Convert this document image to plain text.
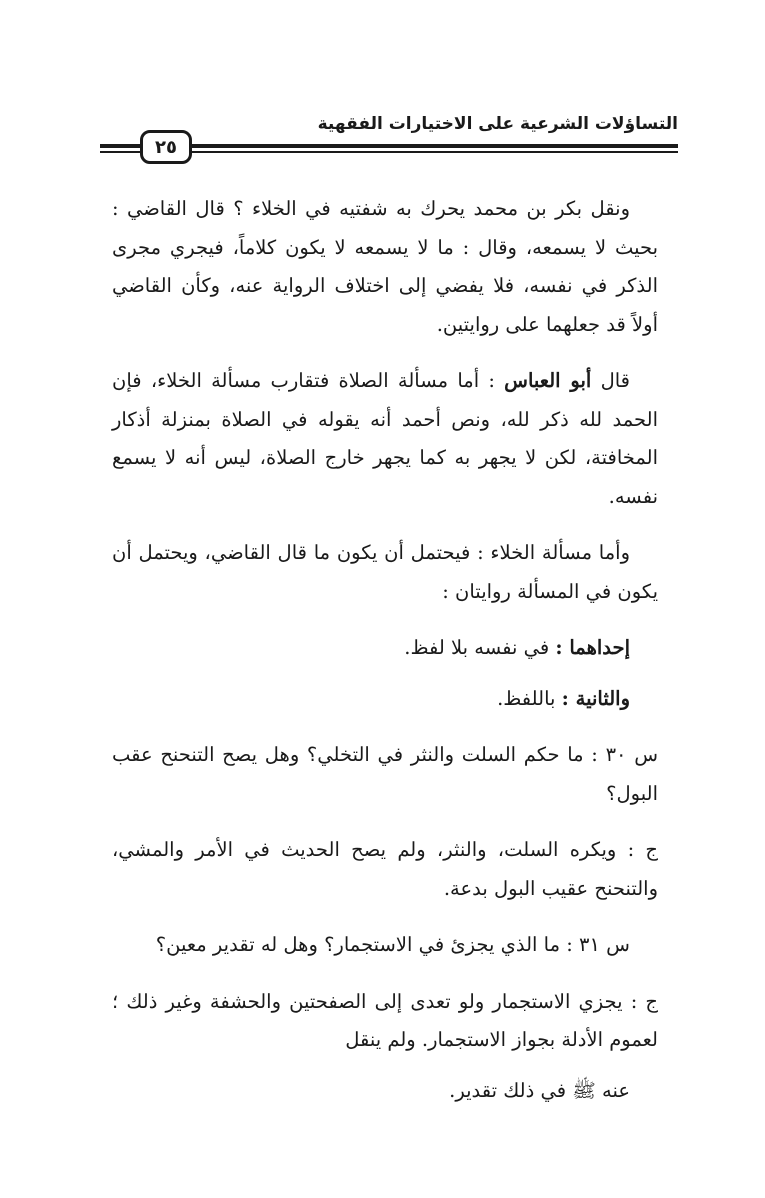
التساؤلات الشرعية على الاختيارات الفقهية
٢٥

ونقل بكر بن محمد يحرك به شفتيه في الخلاء ؟ قال القاضي : بحيث لا يسمعه، وقال : ما لا يسمعه لا يكون كلاماً، فيجري مجرى الذكر في نفسه، فلا يفضي إلى اختلاف الرواية عنه، وكأن القاضي أولاً قد جعلهما على روايتين.

قال أبو العباس : أما مسألة الصلاة فتقارب مسألة الخلاء، فإن الحمد لله ذكر لله، ونص أحمد أنه يقوله في الصلاة بمنزلة أذكار المخافتة، لكن لا يجهر به كما يجهر خارج الصلاة، ليس أنه لا يسمع نفسه.

وأما مسألة الخلاء : فيحتمل أن يكون ما قال القاضي، ويحتمل أن يكون في المسألة روايتان :

إحداهما : في نفسه بلا لفظ.

والثانية : باللفظ.

س ٣٠ : ما حكم السلت والنثر في التخلي؟ وهل يصح التنحنح عقب البول؟

ج : ويكره السلت، والنثر، ولم يصح الحديث في الأمر والمشي، والتنحنح عقيب البول بدعة.

س ٣١ : ما الذي يجزئ في الاستجمار؟ وهل له تقدير معين؟

ج : يجزي الاستجمار ولو تعدى إلى الصفحتين والحشفة وغير ذلك ؛ لعموم الأدلة بجواز الاستجمار. ولم ينقل

عنه ﷺ في ذلك تقدير.
